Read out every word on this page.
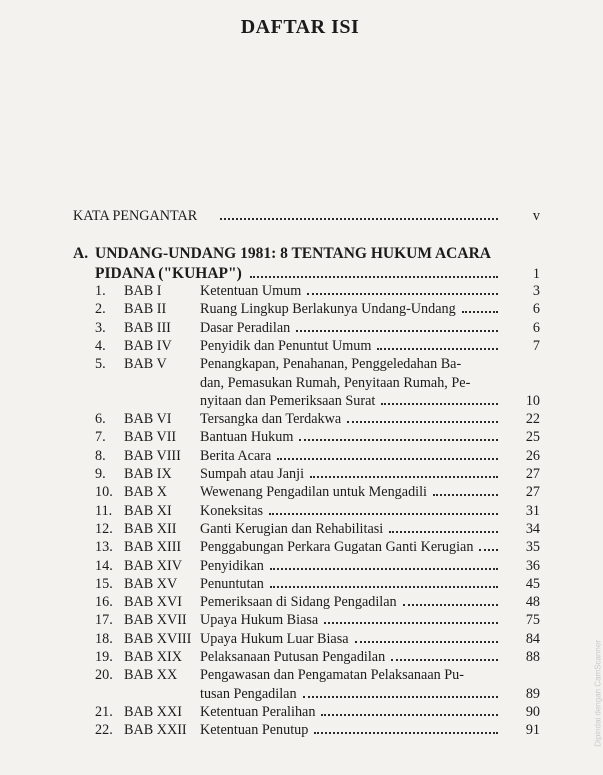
DAFTAR ISI
KATA PENGANTAR	v
A. UNDANG-UNDANG 1981: 8 TENTANG HUKUM ACARA
PIDANA ("KUHAP")	1
1. BAB I	Ketentuan Umum	3
2. BAB II Ruang Lingkup Berlakunya Undang-Undang	6
3. BAB III Dasar Peradilan	6
4. BAB IV Penyidik dan Penuntut Umum	7
5. BAB V Penangkapan, Penahanan, Penggeledahan Ba-
dan, Pemasukan Rumah, Penyitaan Rumah, Pe-
nyitaan dan Pemeriksaan Surat	10
6. BAB VI Tersangka dan Terdakwa	22
7. BAB VII Bantuan Hukum	25
8. BAB VIII Berita Acara	26
9. BAB IX Sumpah atau Janji	27
10. BAB X Wewenang Pengadilan untuk Mengadili	27
11. BAB XI Koneksitas	31
12. BAB XII Ganti Kerugian dan Rehabilitasi	34
13. BAB XIII Penggabungan Perkara Gugatan Ganti Kerugian	35
14. BAB XIV Penyidikan	36
15. BAB XV Penuntutan	45
16. BAB XVI Pemeriksaan di Sidang Pengadilan	48
17. BAB XVII Upaya Hukum Biasa	75
18. BAB XVIII Upaya Hukum Luar Biasa	84
19. BAB XIX Pelaksanaan Putusan Pengadilan	88
20. BAB XX Pengawasan dan Pengamatan Pelaksanaan Pu-
tusan Pengadilan	89
21. BAB XXI Ketentuan Peralihan	90
22. BAB XXII Ketentuan Penutup	91	Dipindai dengan CamScanner
